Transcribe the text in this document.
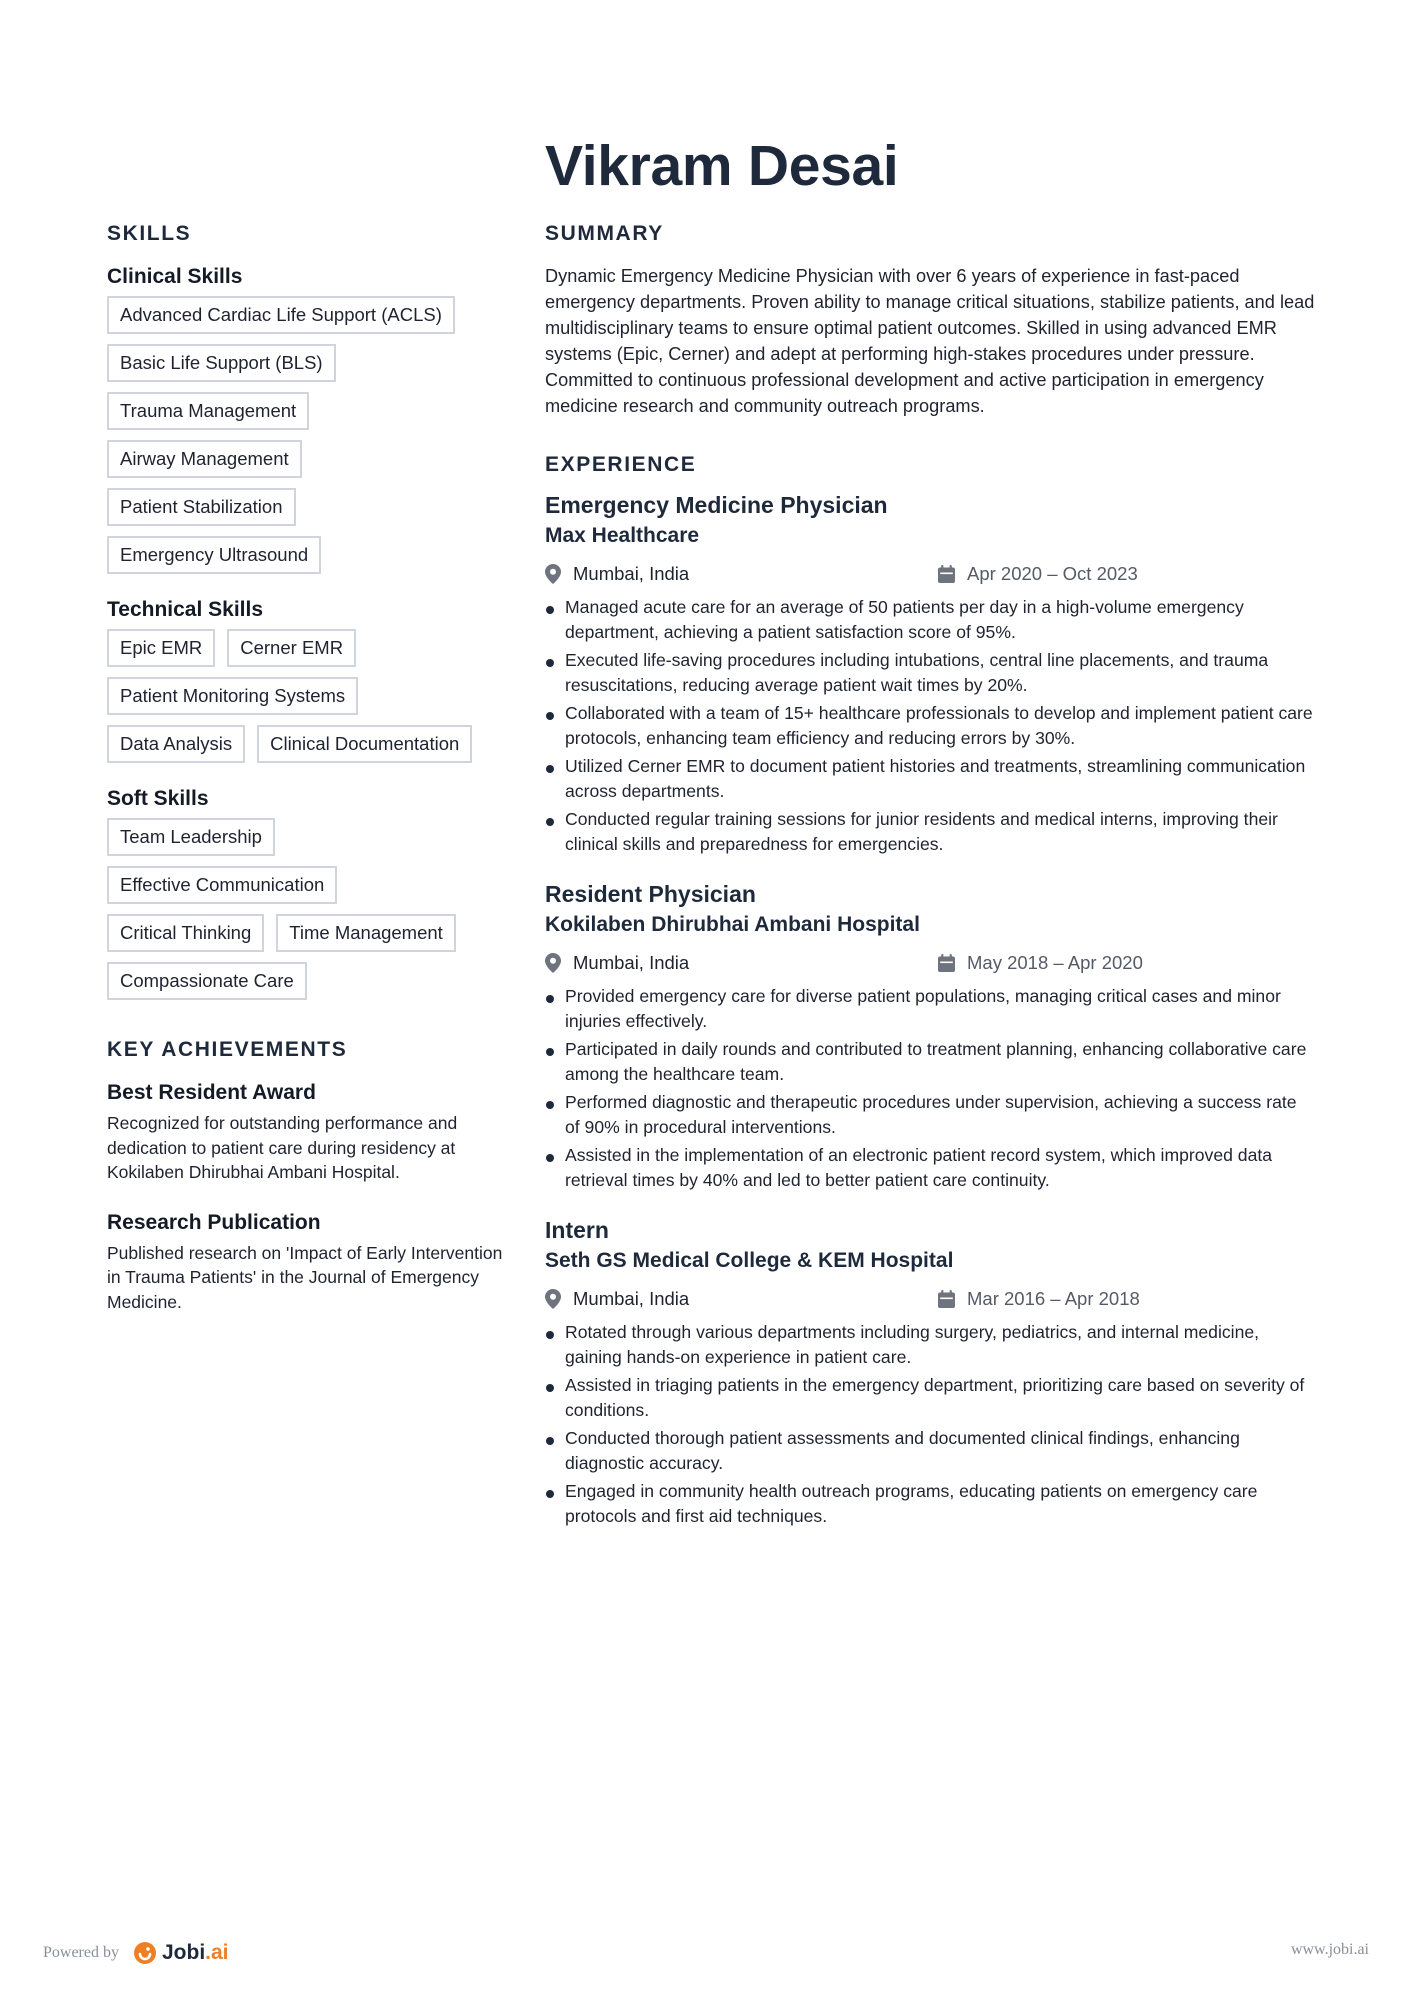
Vikram Desai
SKILLS
Clinical Skills
Advanced Cardiac Life Support (ACLS)
Basic Life Support (BLS)
Trauma Management
Airway Management
Patient Stabilization
Emergency Ultrasound
Technical Skills
Epic EMR	Cerner EMR
Patient Monitoring Systems
Data Analysis	Clinical Documentation
Soft Skills
Team Leadership
Effective Communication
Critical Thinking	Time Management
Compassionate Care
KEY ACHIEVEMENTS
Best Resident Award

Recognized for outstanding performance and dedication to patient care during residency at Kokilaben Dhirubhai Ambani Hospital.

Research Publication

Published research on 'Impact of Early Intervention in Trauma Patients' in the Journal of Emergency Medicine.

SUMMARY

Dynamic Emergency Medicine Physician with over 6 years of experience in fast-paced emergency departments. Proven ability to manage critical situations, stabilize patients, and lead multidisciplinary teams to ensure optimal patient outcomes. Skilled in using advanced EMR systems (Epic, Cerner) and adept at performing high-stakes procedures under pressure. Committed to continuous professional development and active participation in emergency medicine research and community outreach programs.

EXPERIENCE
Emergency Medicine Physician
Max Healthcare
Mumbai, India	Apr 2020 – Oct 2023
Managed acute care for an average of 50 patients per day in a high-volume emergency department, achieving a patient satisfaction score of 95%.
Executed life-saving procedures including intubations, central line placements, and trauma resuscitations, reducing average patient wait times by 20%.
Collaborated with a team of 15+ healthcare professionals to develop and implement patient care protocols, enhancing team efficiency and reducing errors by 30%.
Utilized Cerner EMR to document patient histories and treatments, streamlining communication across departments.
Conducted regular training sessions for junior residents and medical interns, improving their clinical skills and preparedness for emergencies.
Resident Physician
Kokilaben Dhirubhai Ambani Hospital
Mumbai, India	May 2018 – Apr 2020
Provided emergency care for diverse patient populations, managing critical cases and minor injuries effectively.
Participated in daily rounds and contributed to treatment planning, enhancing collaborative care among the healthcare team.
Performed diagnostic and therapeutic procedures under supervision, achieving a success rate of 90% in procedural interventions.
Assisted in the implementation of an electronic patient record system, which improved data retrieval times by 40% and led to better patient care continuity.
Intern
Seth GS Medical College & KEM Hospital
Mumbai, India	Mar 2016 – Apr 2018
Rotated through various departments including surgery, pediatrics, and internal medicine, gaining hands-on experience in patient care.
Assisted in triaging patients in the emergency department, prioritizing care based on severity of conditions.
Conducted thorough patient assessments and documented clinical findings, enhancing diagnostic accuracy.
Engaged in community health outreach programs, educating patients on emergency care protocols and first aid techniques.
Powered by Jobi.ai	www.jobi.ai
